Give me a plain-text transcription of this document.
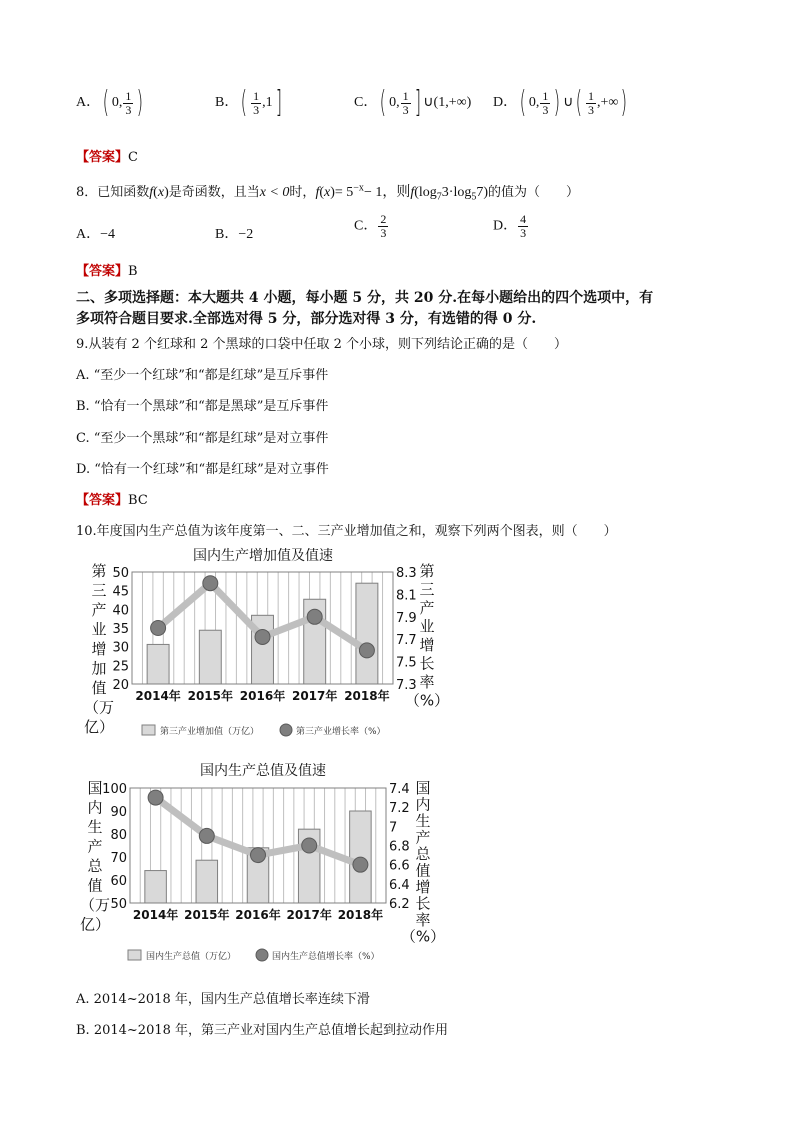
A．( 0, $\frac{1}{3}$ )	B．( $\frac{1}{3} ,1$]	C．( 0, $\frac{1}{3}$ ] ∪(1,+∞) D．( 0, $\frac{1}{3}$ ) ∪( $\frac{1}{3}$ ,+∞)
【答案】C
8．已知函数f(x)是奇函数，且当x < 0时，$f(x)= 5^{-x}- 1$，则$f(\log_73\cdot\log_57)$的值为（　　）
A．−4	B．−2
C． $\frac{2}{3}$	D． $\frac{4}{3}$
【答案】B
二、多项选择题：本大题共 4 小题，每小题 5 分，共 20 分.在每小题给出的四个选项中，有
多项符合题目要求.全部选对得 5 分，部分选对得 3 分，有选错的得 0 分.
9.从装有 2 个红球和 2 个黑球的口袋中任取 2 个小球，则下列结论正确的是（　　）
A. “至少一个红球”和“都是红球”是互斥事件
B. “恰有一个黑球”和“都是黑球”是互斥事件
C. “至少一个黑球”和“都是红球”是对立事件
D. “恰有一个红球”和“都是红球”是对立事件
【答案】BC
10.年度国内生产总值为该年度第一、二、三产业增加值之和，观察下列两个图表，则（　　）
国内生产增加值及值速
20
25
30
35
40
45
50
7.3
7.5
7.7
7.9
8.1
8.3
第
三
产
业
增
加
值
（万
亿）
第
三
产
业
增
长
率
（%）
2014年 2015年 2016年 2017年 2018年
第三产业增加值（万亿）	第三产业增长率（%）
国内生产总值及值速
50
60
70
80
90
100
6.2
6.4
6.6
6.8
7
7.2
7.4
国
内
生
产
总
值
（万
亿）
国
内
生
产
总
值
增
长
率
（%）
2014年 2015年 2016年 2017年 2018年
国内生产总值（万亿）	国内生产总值增长率（%）
A. 2014~2018 年，国内生产总值增长率连续下滑
B. 2014~2018 年，第三产业对国内生产总值增长起到拉动作用
